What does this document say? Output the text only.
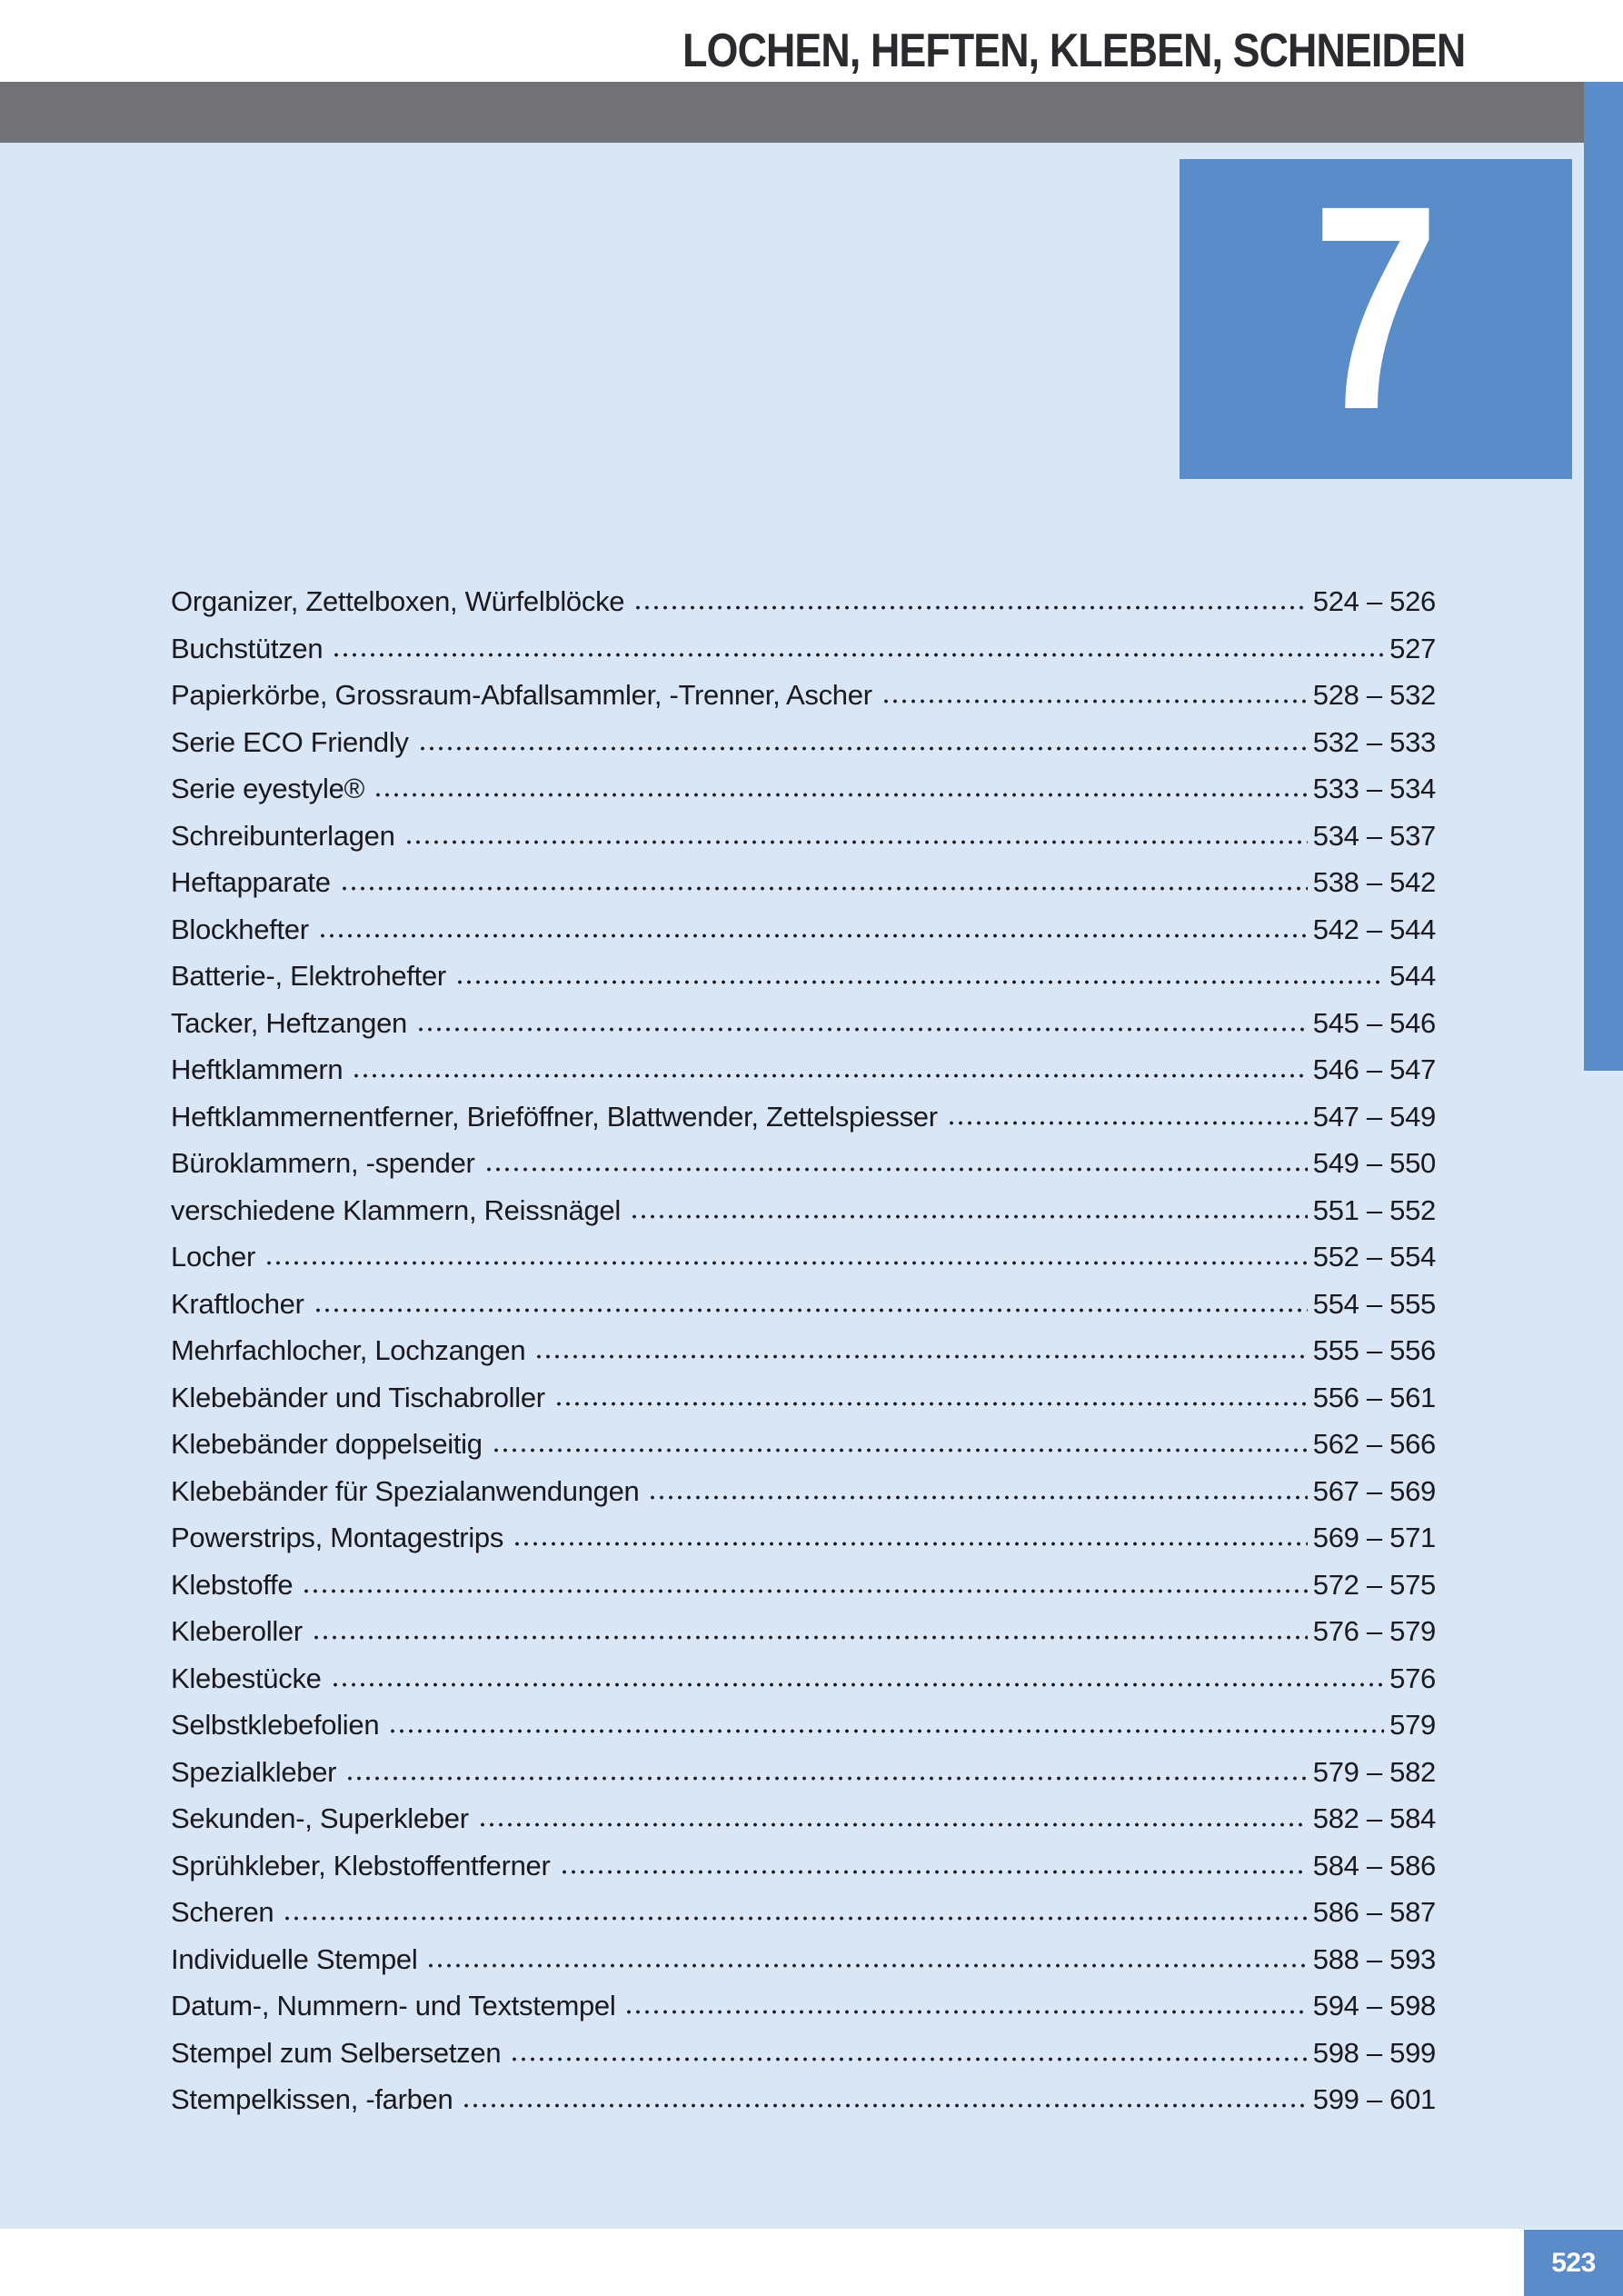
LOCHEN, HEFTEN, KLEBEN, SCHNEIDEN
7
Organizer, Zettelboxen, Würfelblöcke	524 – 526
Buchstützen	527
Papierkörbe, Grossraum-Abfallsammler, -Trenner, Ascher	528 – 532
Serie ECO Friendly	532 – 533
Serie eyestyle®	533 – 534
Schreibunterlagen	534 – 537
Heftapparate	538 – 542
Blockhefter	542 – 544
Batterie-, Elektrohefter	544
Tacker, Heftzangen	545 – 546
Heftklammern	546 – 547
Heftklammernentferner, Brieföffner, Blattwender, Zettelspiesser	547 – 549
Büroklammern, -spender	549 – 550
verschiedene Klammern, Reissnägel	551 – 552
Locher	552 – 554
Kraftlocher	554 – 555
Mehrfachlocher, Lochzangen	555 – 556
Klebebänder und Tischabroller	556 – 561
Klebebänder doppelseitig	562 – 566
Klebebänder für Spezialanwendungen	567 – 569
Powerstrips, Montagestrips	569 – 571
Klebstoffe	572 – 575
Kleberoller	576 – 579
Klebestücke	576
Selbstklebefolien	579
Spezialkleber	579 – 582
Sekunden-, Superkleber	582 – 584
Sprühkleber, Klebstoffentferner	584 – 586
Scheren	586 – 587
Individuelle Stempel	588 – 593
Datum-, Nummern- und Textstempel	594 – 598
Stempel zum Selbersetzen	598 – 599
Stempelkissen, -farben	599 – 601
523
